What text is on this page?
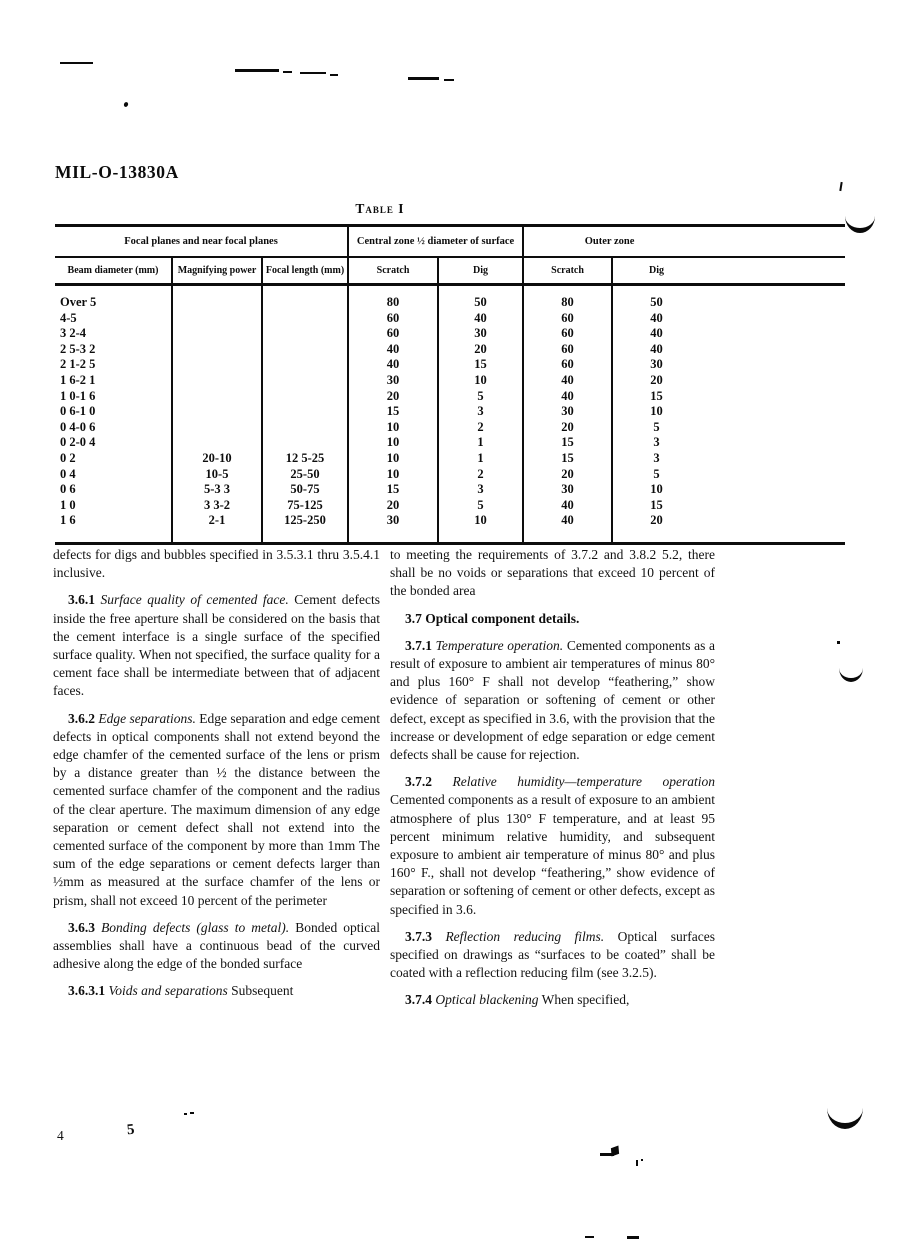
MIL-O-13830A
Table I
Focal planes and near focal planes			Central zone ½ diameter of surface		Outer zone	
Beam diameter (mm)	Magnifying power	Focal length (mm)	Scratch	Dig	Scratch	Dig

Over 5			80	50	80	50
4-5			60	40	60	40
3 2-4			60	30	60	40
2 5-3 2			40	20	60	40
2 1-2 5			40	15	60	30
1 6-2 1			30	10	40	20
1 0-1 6			20	5	40	15
0 6-1 0			15	3	30	10
0 4-0 6			10	2	20	5
0 2-0 4			10	1	15	3
0 2	20-10	12 5-25	10	1	15	3
0 4	10-5	25-50	10	2	20	5
0 6	5-3 3	50-75	15	3	30	10
1 0	3 3-2	75-125	20	5	40	15
1 6	2-1	125-250	30	10	40	20

defects for digs and bubbles specified in 3.5.3.1 thru 3.5.4.1 inclusive.

3.6.1 Surface quality of cemented face. Cement defects inside the free aperture shall be considered on the basis that the cement interface is a single surface of the specified surface quality. When not specified, the surface quality for a cement face shall be intermediate between that of adjacent faces.

3.6.2 Edge separations. Edge separation and edge cement defects in optical components shall not extend beyond the edge chamfer of the cemented surface of the lens or prism by a distance greater than ½ the distance between the cemented surface chamfer of the component and the radius of the clear aperture. The maximum dimension of any edge separation or cement defect shall not extend into the cemented surface of the component by more than 1mm The sum of the edge separations or cement defects larger than ½mm as measured at the surface chamfer of the lens or prism, shall not exceed 10 percent of the perimeter

3.6.3 Bonding defects (glass to metal). Bonded optical assemblies shall have a continuous bead of the curved adhesive along the edge of the bonded surface

3.6.3.1 Voids and separations Subsequent

to meeting the requirements of 3.7.2 and 3.8.2 5.2, there shall be no voids or separations that exceed 10 percent of the bonded area

3.7 Optical component details.

3.7.1 Temperature operation. Cemented components as a result of exposure to ambient air temperatures of minus 80° and plus 160° F shall not develop “feathering,” show evidence of separation or softening of cement or other defect, except as specified in 3.6, with the provision that the increase or development of edge separation or edge cement defects shall be cause for rejection.

3.7.2 Relative humidity—temperature operation Cemented components as a result of exposure to an ambient atmosphere of plus 130° F temperature, and at least 95 percent minimum relative humidity, and subsequent exposure to ambient air temperature of minus 80° and plus 160° F., shall not develop “feathering,” show evidence of separation or softening of cement or other defects, except as specified in 3.6.

3.7.3 Reflection reducing films. Optical surfaces specified on drawings as “surfaces to be coated” shall be coated with a reflection reducing film (see 3.2.5).

3.7.4 Optical blackening When specified,

4	5
